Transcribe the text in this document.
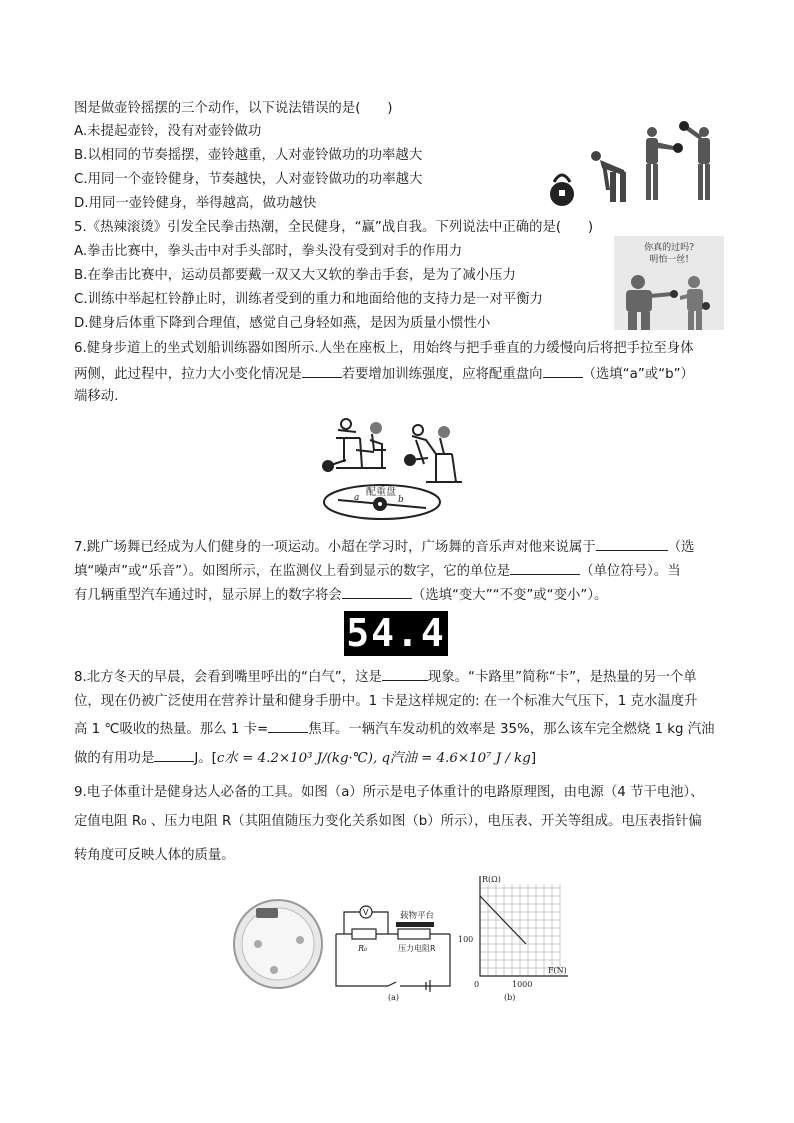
图是做壶铃摇摆的三个动作，以下说法错误的是(　　)
A.未提起壶铃，没有对壶铃做功
B.以相同的节奏摇摆，壶铃越重，人对壶铃做功的功率越大
C.用同一个壶铃健身，节奏越快，人对壶铃做功的功率越大
D.用同一壶铃健身，举得越高，做功越快
5.《热辣滚烫》引发全民拳击热潮，全民健身，“赢”战自我。下列说法中正确的是(　　)
A.拳击比赛中，拳头击中对手头部时，拳头没有受到对手的作用力
B.在拳击比赛中，运动员都要戴一双又大又软的拳击手套，是为了减小压力
C.训练中举起杠铃静止时，训练者受到的重力和地面给他的支持力是一对平衡力
D.健身后体重下降到合理值，感觉自己身轻如燕，是因为质量小惯性小
你真的过吗?
明怕一丝!
6.健身步道上的坐式划船训练器如图所示.人坐在座板上，用始终与把手垂直的力缓慢向后将把手拉至身体
两侧，此过程中，拉力大小变化情况是	若要增加训练强度，应将配重盘向	（选填“a”或“b”）
端移动.
配重盘
a	b
7.跳广场舞已经成为人们健身的一项运动。小超在学习时，广场舞的音乐声对他来说属于	（选
填“噪声”或“乐音”）。如图所示，在监测仪上看到显示的数字，它的单位是	（单位符号）。当
有几辆重型汽车通过时，显示屏上的数字将会	（选填“变大”“不变”或“变小”）。
54.4
8.北方冬天的早晨，会看到嘴里呼出的“白气”，这是	现象。“卡路里”简称“卡”，是热量的另一个单
位，现在仍被广泛使用在营养计量和健身手册中。1 卡是这样规定的: 在一个标准大气压下，1 克水温度升
高 1 ℃吸收的热量。那么 1 卡=	焦耳。一辆汽车发动机的效率是 35%，那么该车完全燃烧 1 kg 汽油
做的有用功是	J。[c水 = 4.2×10³ J/(kg·℃), q汽油 = 4.6×10⁷ J / kg]
9.电子体重计是健身达人必备的工具。如图（a）所示是电子体重计的电路原理图，由电源（4 节干电池）、
定值电阻 R₀ 、压力电阻 R（其阻值随压力变化关系如图（b）所示），电压表、开关等组成。电压表指针偏
转角度可反映人体的质量。
V	载物平台
R₀	压力电阻R
(a)
R(Ω)
F(N)
100
1000
0
(b)
